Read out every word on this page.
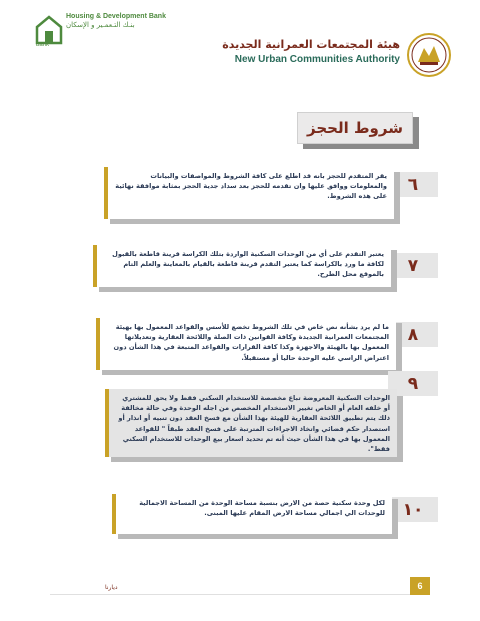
Housing & Development Bank
بنـك التـعمـير و الإسكان
bank	هيئة المجتمعات العمرانية الجديدة
New Urban Communities Authority
شروط الحجز
٦
يقر المتقدم للحجز بانه قد اطلع على كافة الشروط والمواصفات والبيانات والمعلومات ووافق عليها وان تقدمه للحجز بعد سداد جدية الحجز بمثابة موافقة نهائية على هذه الشروط.
٧
يعتبر التقدم على أي من الوحدات السكنية الواردة بتلك الكراسة قرينة قاطعة بالقبول لكافة ما ورد بالكراسة كما يعتبر التقدم قرينة قاطعة بالقيام بالمعاينة والعلم التام بالموقع محل الطرح.
٨
ما لم يرد بشأنه نص خاص في تلك الشروط تخضع للأسس والقواعد المعمول بها بهيئة المجتمعات العمرانية الجديدة وكافة القوانين ذات الصلة واللائحة العقارية وتعديلاتها المعمول بها بالهيئة والاجهزة وكذا كافة القرارات والقواعد المتبعة في هذا الشأن دون اعتراض الراسي عليه الوحدة حاليا أو مستقبلاً.
٩
الوحدات السكنية المعروضة تباع مخصصة للاستخدام السكني فقط ولا يحق للمشتري أو خلفه العام أو الخاص تغيير الاستخدام المخصص من اجله الوحدة وفي حالة مخالفة ذلك يتم تطبيق اللائحة العقارية للهيئة بهذا الشأن مع فسخ العقد دون تنبيه أو انذار أو استصدار حكم قضائي واتخاذ الاجراءات المترتبة على فسخ العقد طبقاً " للقواعد المعمول بها في هذا الشأن حيث أنه تم تحديد اسعار بيع الوحدات للاستخدام السكني فقط".
١٠
لكل وحدة سكنية حصة من الارض بنسبة مساحة الوحدة من المساحة الاجمالية للوحدات الي اجمالي مساحة الارض المقام عليها المبنى.
ديارنا	6
